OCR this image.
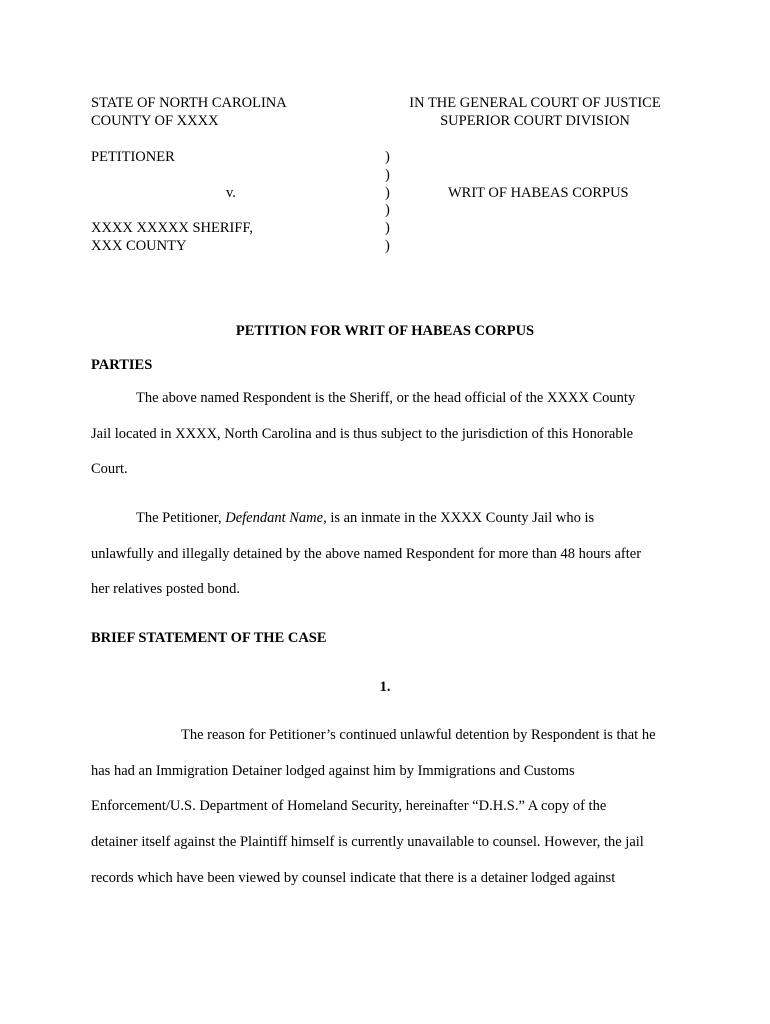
STATE OF NORTH CAROLINA
COUNTY OF XXXX
IN THE GENERAL COURT OF JUSTICE
SUPERIOR COURT DIVISION
PETITIONER
v.
XXXX XXXXX SHERIFF,
XXX COUNTY
)
)
)
)
)
)
WRIT OF HABEAS CORPUS
PETITION FOR WRIT OF HABEAS CORPUS
PARTIES
The above named Respondent is the Sheriff, or the head official of the XXXX County
Jail located in XXXX, North Carolina and is thus subject to the jurisdiction of this Honorable
Court.
The Petitioner, Defendant Name, is an inmate in the XXXX County Jail who is
unlawfully and illegally detained by the above named Respondent for more than 48 hours after
her relatives posted bond.
BRIEF STATEMENT OF THE CASE
1.
The reason for Petitioner’s continued unlawful detention by Respondent is that he
has had an Immigration Detainer lodged against him by Immigrations and Customs
Enforcement/U.S. Department of Homeland Security, hereinafter “D.H.S.” A copy of the
detainer itself against the Plaintiff himself is currently unavailable to counsel. However, the jail
records which have been viewed by counsel indicate that there is a detainer lodged against
